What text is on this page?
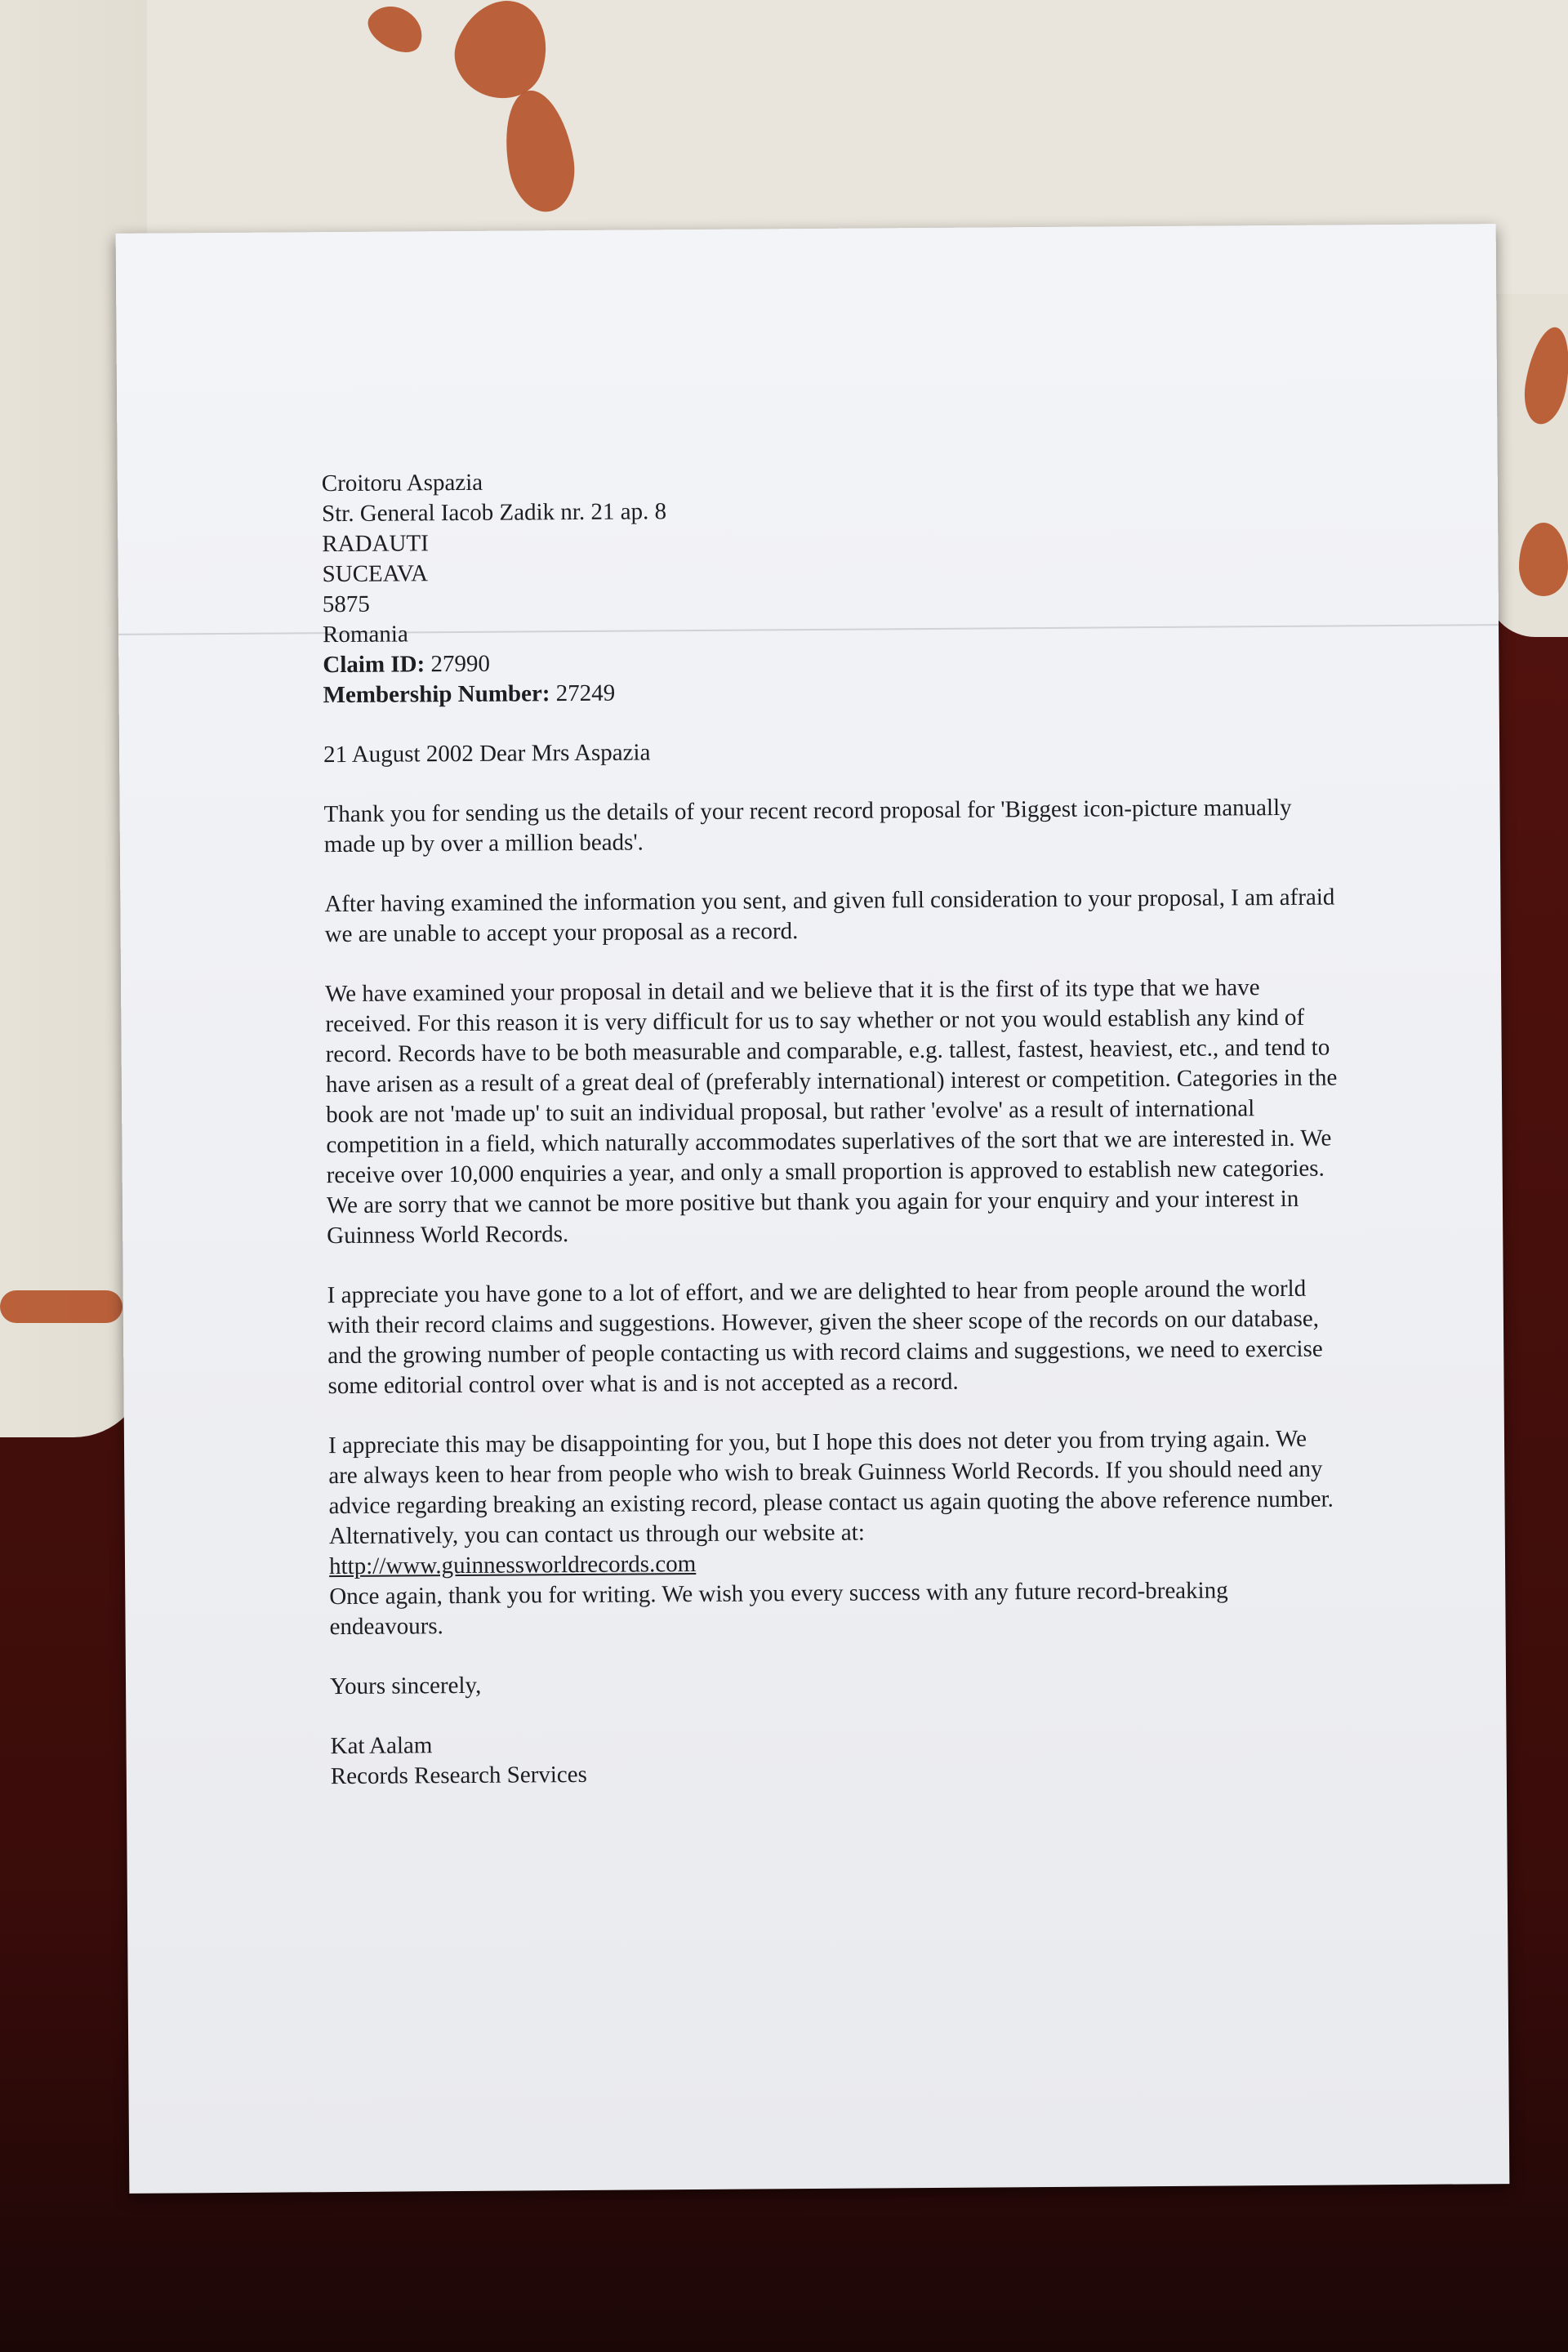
Croitoru Aspazia
Str. General Iacob Zadik nr. 21 ap. 8
RADAUTI
SUCEAVA
5875
Romania
Claim ID: 27990
Membership Number: 27249
21 August 2002 Dear Mrs Aspazia

Thank you for sending us the details of your recent record proposal for 'Biggest icon-picture manually made up by over a million beads'.

After having examined the information you sent, and given full consideration to your proposal, I am afraid we are unable to accept your proposal as a record.

We have examined your proposal in detail and we believe that it is the first of its type that we have received. For this reason it is very difficult for us to say whether or not you would establish any kind of record. Records have to be both measurable and comparable, e.g. tallest, fastest, heaviest, etc., and tend to have arisen as a result of a great deal of (preferably international) interest or competition. Categories in the book are not 'made up' to suit an individual proposal, but rather 'evolve' as a result of international competition in a field, which naturally accommodates superlatives of the sort that we are interested in. We receive over 10,000 enquiries a year, and only a small proportion is approved to establish new categories. We are sorry that we cannot be more positive but thank you again for your enquiry and your interest in Guinness World Records.

I appreciate you have gone to a lot of effort, and we are delighted to hear from people around the world with their record claims and suggestions. However, given the sheer scope of the records on our database, and the growing number of people contacting us with record claims and suggestions, we need to exercise some editorial control over what is and is not accepted as a record.

I appreciate this may be disappointing for you, but I hope this does not deter you from trying again. We are always keen to hear from people who wish to break Guinness World Records. If you should need any advice regarding breaking an existing record, please contact us again quoting the above reference number. Alternatively, you can contact us through our website at:
http://www.guinnessworldrecords.com
Once again, thank you for writing. We wish you every success with any future record-breaking endeavours.
Yours sincerely,
Kat Aalam
Records Research Services
